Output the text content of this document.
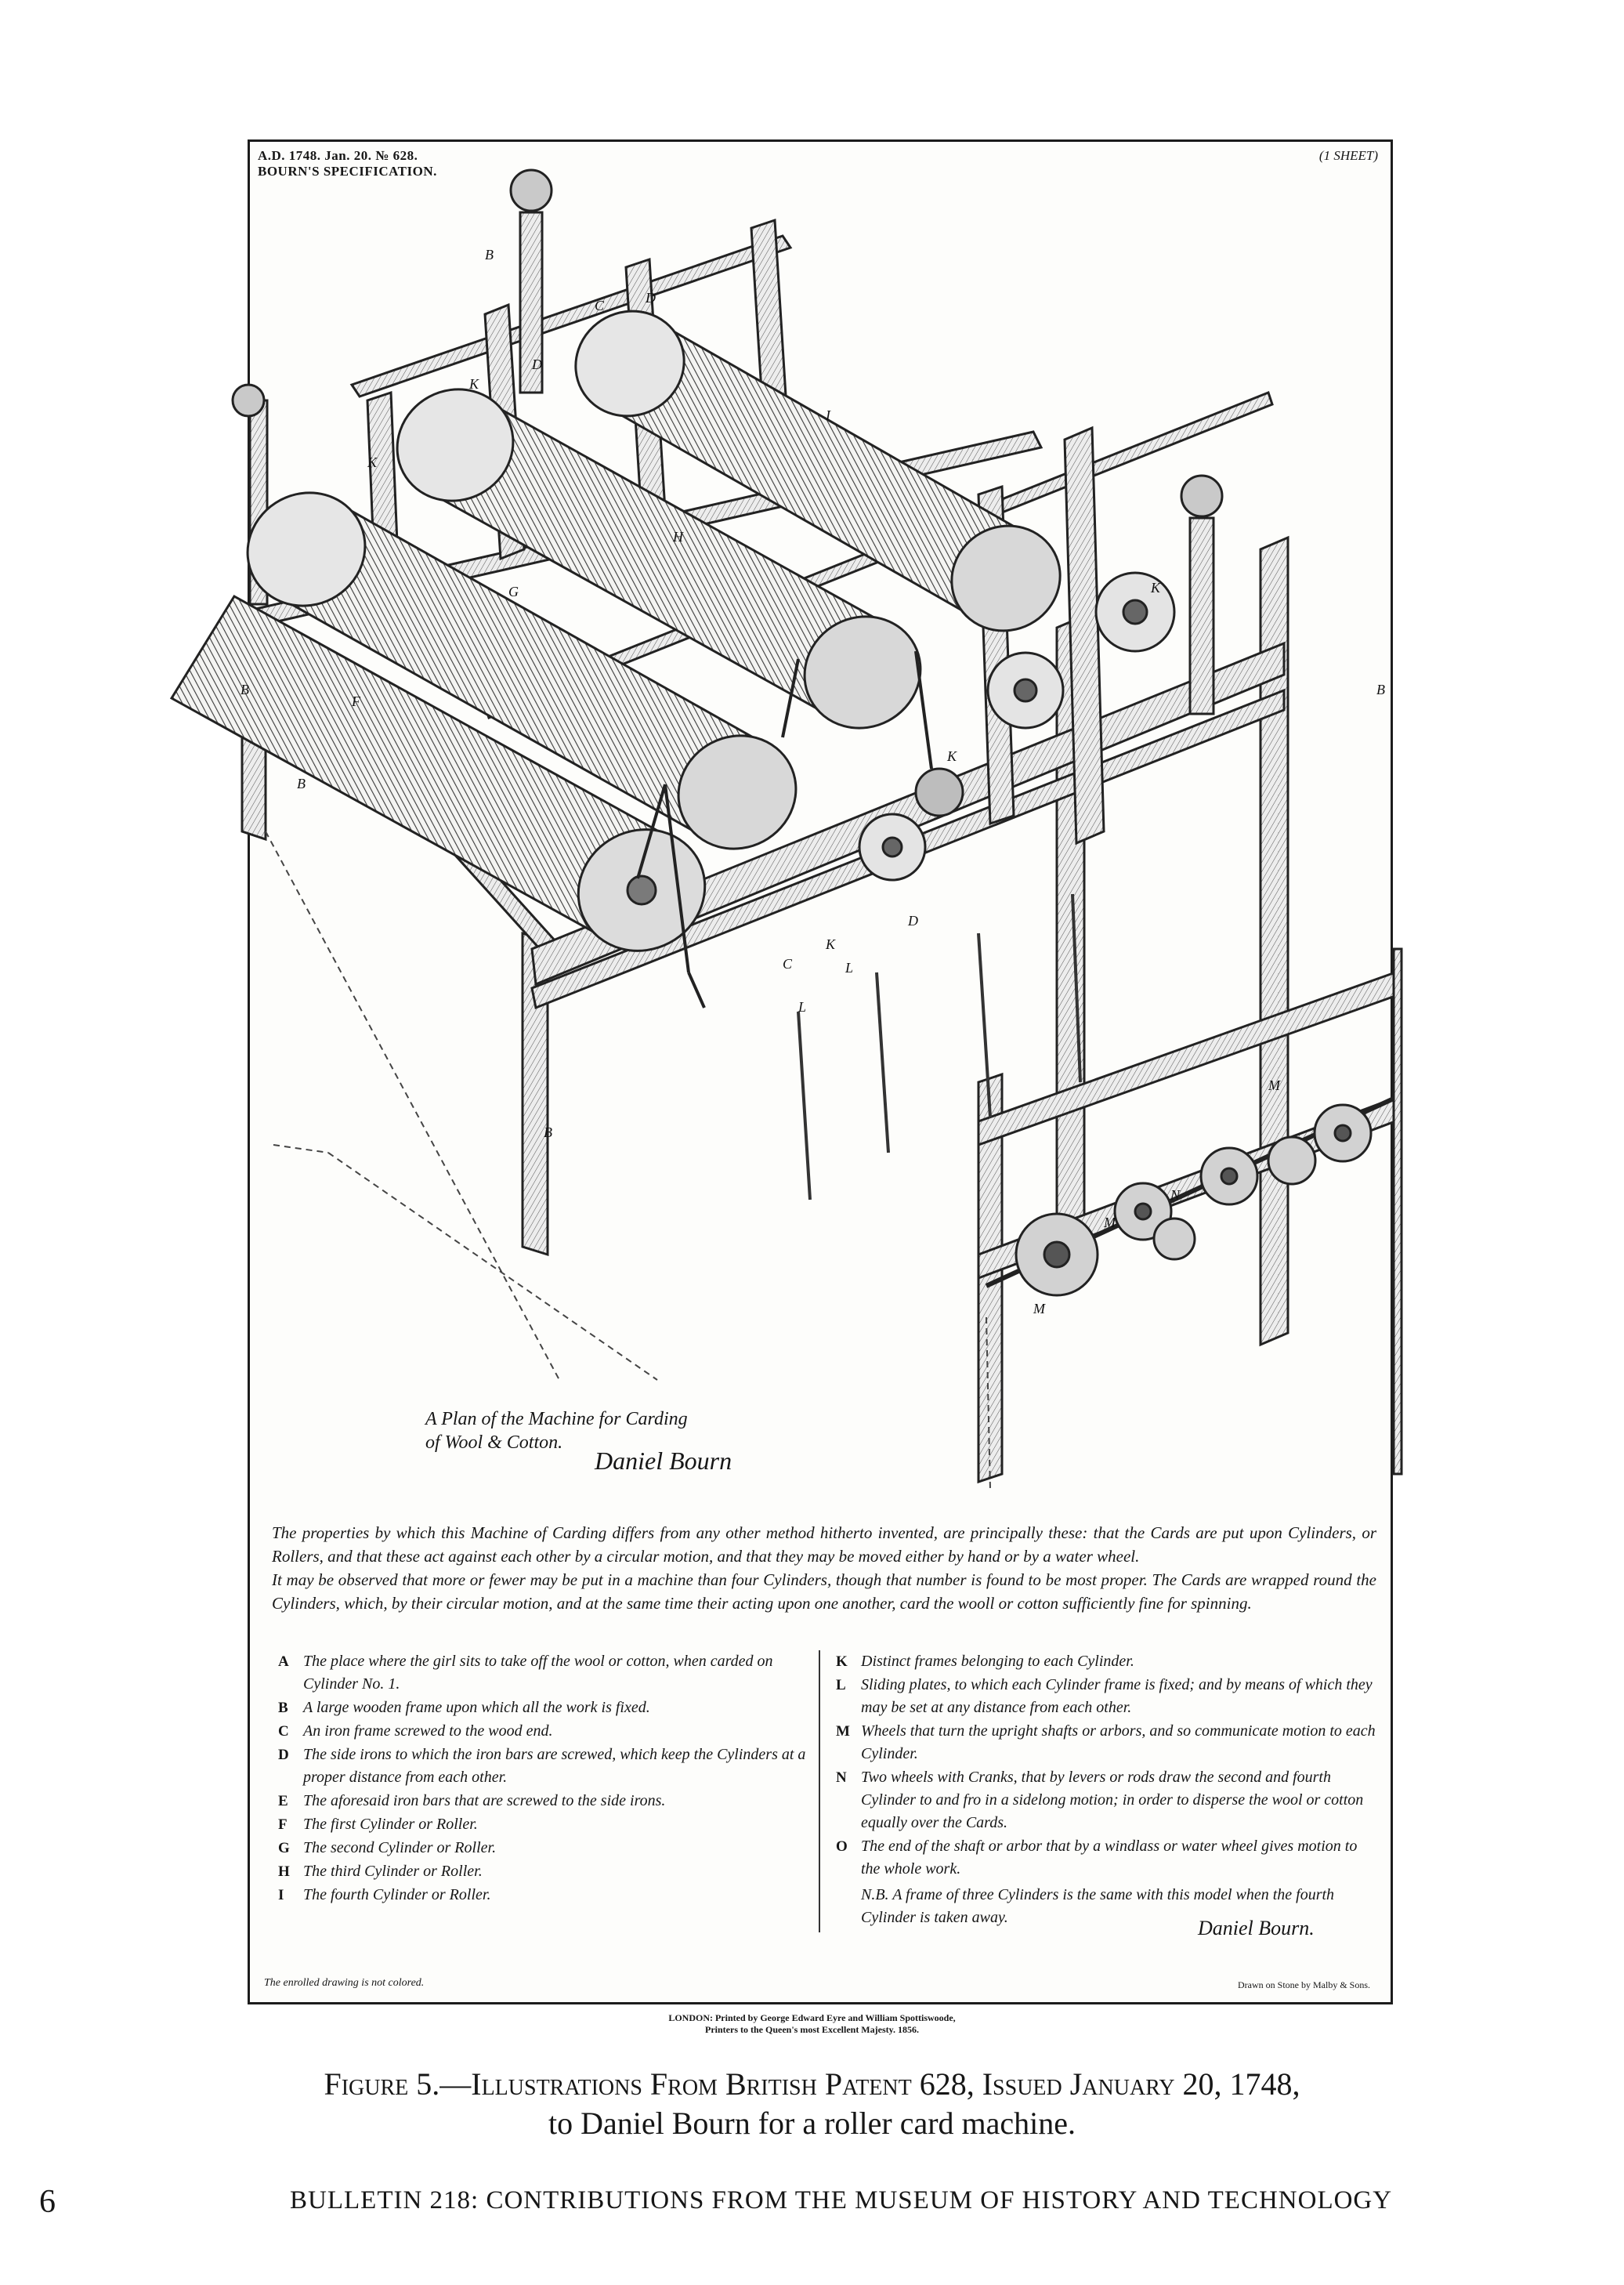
A.D. 1748. Jan. 20. № 628.
BOURN'S SPECIFICATION.
(1 SHEET)
I
H
G
F
B
D
D
K
K
C
B
B
B
D
K
K
L
L
K
M
N
M
M
C
B
A Plan of the Machine for Carding of Wool & Cotton.
Daniel Bourn

The properties by which this Machine of Carding differs from any other method hitherto invented, are principally these: that the Cards are put upon Cylinders, or Rollers, and that these act against each other by a circular motion, and that they may be moved either by hand or by a water wheel.

It may be observed that more or fewer may be put in a machine than four Cylinders, though that number is found to be most proper. The Cards are wrapped round the Cylinders, which, by their circular motion, and at the same time their acting upon one another, card the wooll or cotton sufficiently fine for spinning.

A The place where the girl sits to take off the wool or cotton, when carded on Cylinder No. 1.
B A large wooden frame upon which all the work is fixed.
C An iron frame screwed to the wood end.
D The side irons to which the iron bars are screwed, which keep the Cylinders at a proper distance from each other.
E The aforesaid iron bars that are screwed to the side irons.
F	The first Cylinder or Roller.
G The second Cylinder or Roller.
H The third Cylinder or Roller.
I	The fourth Cylinder or Roller.
K Distinct frames belonging to each Cylinder.
L Sliding plates, to which each Cylinder frame is fixed; and by means of which they may be set at any distance from each other.
M Wheels that turn the upright shafts or arbors, and so communicate motion to each Cylinder.
N Two wheels with Cranks, that by levers or rods draw the second and fourth Cylinder to and fro in a sidelong motion; in order to disperse the wool or cotton equally over the Cards.
O The end of the shaft or arbor that by a windlass or water wheel gives motion to the whole work.
N.B. A frame of three Cylinders is the same with this model when the fourth Cylinder is taken away.	Daniel Bourn.
The enrolled drawing is not colored.	Drawn on Stone by Malby & Sons.
LONDON: Printed by George Edward Eyre and William Spottiswoode,
Printers to the Queen's most Excellent Majesty. 1856.
Figure 5.—Illustrations From British Patent 628, Issued January 20, 1748,
to Daniel Bourn for a roller card machine.
6	BULLETIN 218: CONTRIBUTIONS FROM THE MUSEUM OF HISTORY AND TECHNOLOGY
